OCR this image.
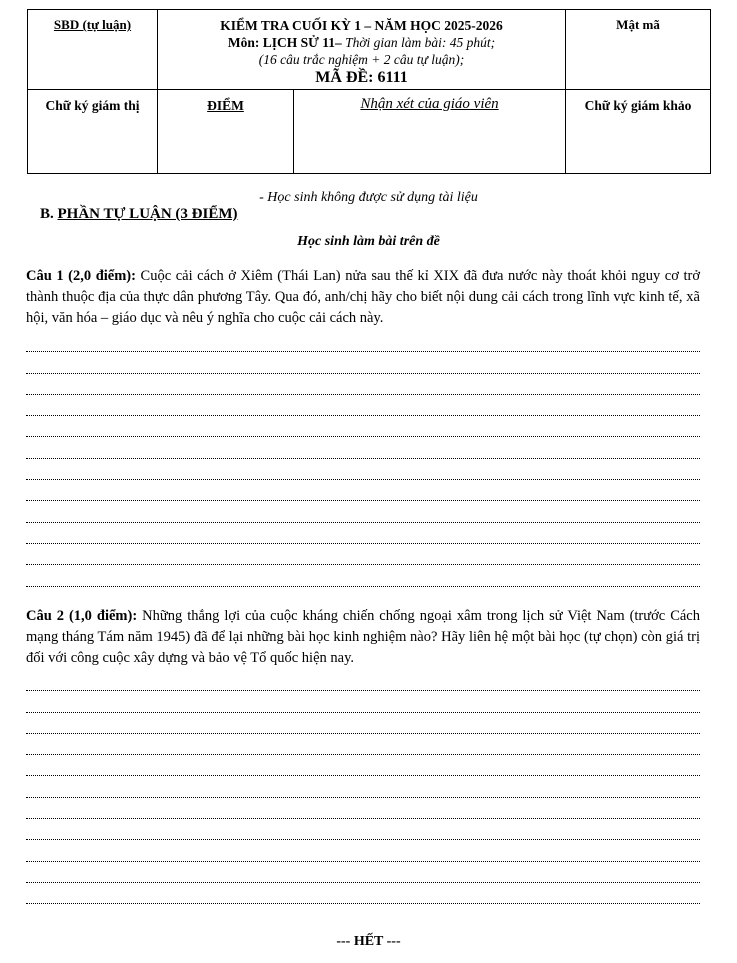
SBD (tự luận)	KIỂM TRA CUỐI KỲ 1 – NĂM HỌC 2025-2026
Môn: LỊCH SỬ 11– Thời gian làm bài: 45 phút;
(16 câu trắc nghiệm + 2 câu tự luận);
MÃ ĐỀ: 6111		Mật mã

Chữ ký giám thị	ĐIỂM	Nhận xét của giáo viên	Chữ ký giám khảo
- Học sinh không được sử dụng tài liệu
B. PHẦN TỰ LUẬN (3 ĐIỂM)
Học sinh làm bài trên đề
Câu 1 (2,0 điểm): Cuộc cải cách ở Xiêm (Thái Lan) nửa sau thế kỉ XIX đã đưa nước này thoát khỏi nguy cơ trở thành thuộc địa của thực dân phương Tây. Qua đó, anh/chị hãy cho biết nội dung cải cách trong lĩnh vực kinh tế, xã hội, văn hóa – giáo dục và nêu ý nghĩa cho cuộc cải cách này.
Câu 2 (1,0 điểm): Những thắng lợi của cuộc kháng chiến chống ngoại xâm trong lịch sử Việt Nam (trước Cách mạng tháng Tám năm 1945) đã để lại những bài học kinh nghiệm nào? Hãy liên hệ một bài học (tự chọn) còn giá trị đối với công cuộc xây dựng và bảo vệ Tổ quốc hiện nay.
--- HẾT ---
